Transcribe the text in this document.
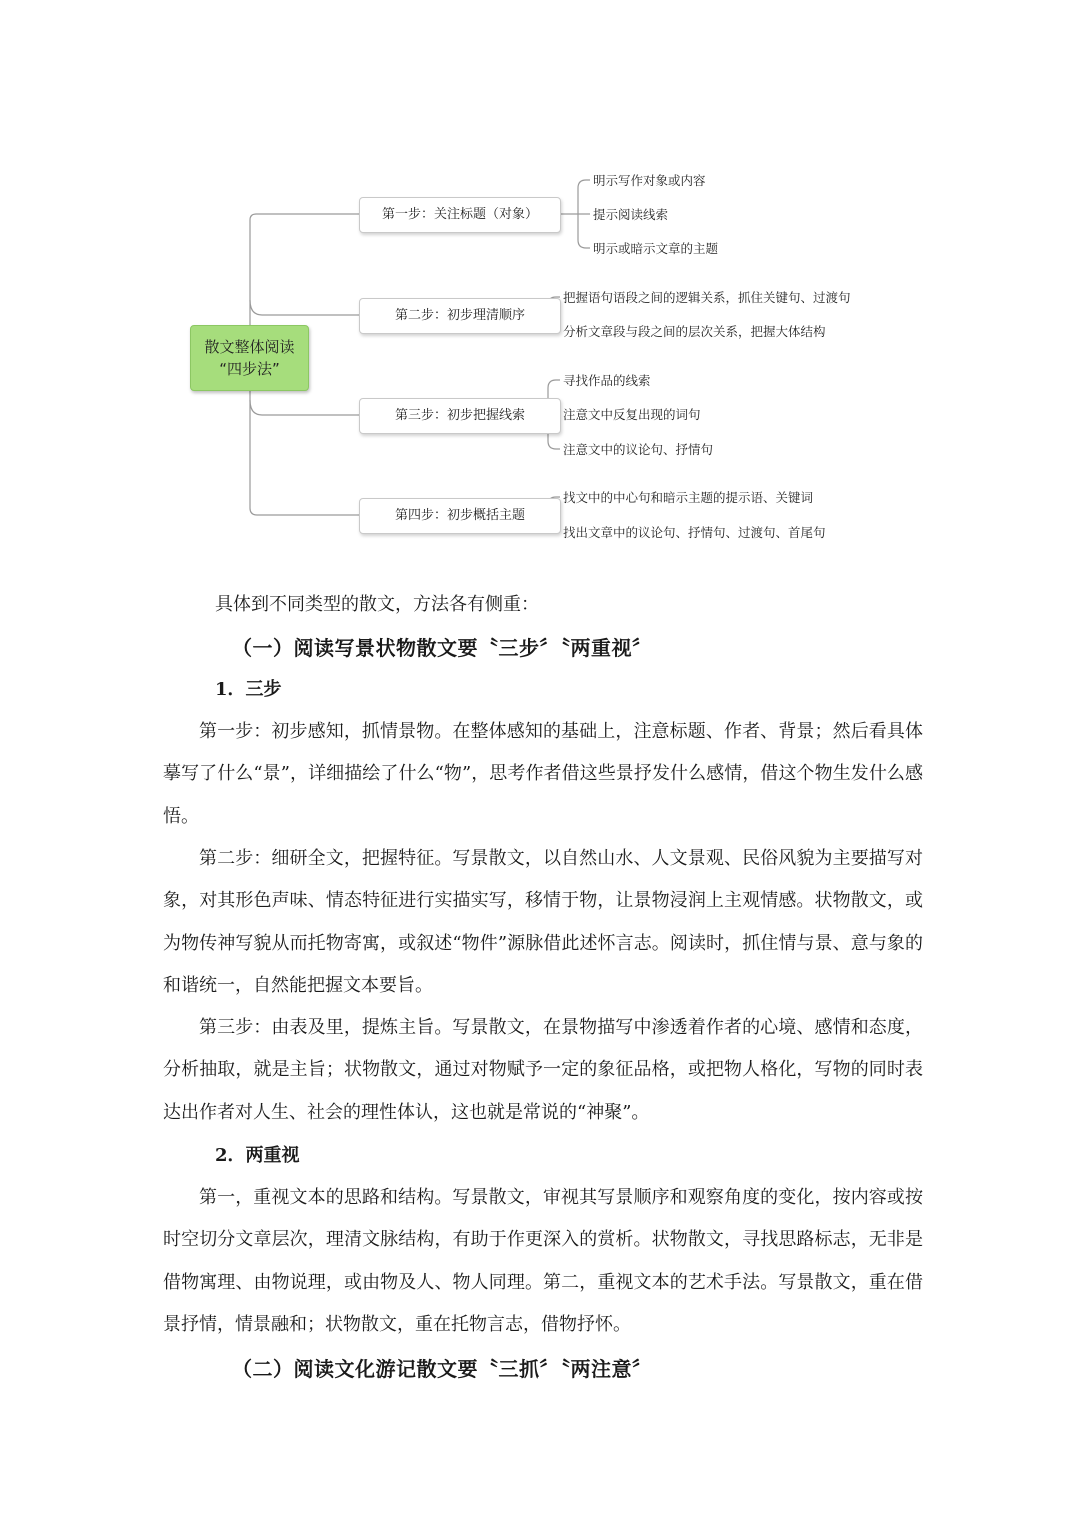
散文整体阅读
“四步法”
第一步：关注标题（对象）
第二步：初步理清顺序
第三步：初步把握线索
第四步：初步概括主题
明示写作对象或内容
提示阅读线索
明示或暗示文章的主题
把握语句语段之间的逻辑关系，抓住关键句、过渡句
分析文章段与段之间的层次关系，把握大体结构
寻找作品的线索
注意文中反复出现的词句
注意文中的议论句、抒情句
找文中的中心句和暗示主题的提示语、关键词
找出文章中的议论句、抒情句、过渡句、首尾句
具体到不同类型的散文，方法各有侧重：
（一）阅读写景状物散文要〝三步〞〝两重视〞
1．三步

第一步：初步感知，抓情景物。在整体感知的基础上，注意标题、作者、背景；然后看具体摹写了什么“景”，详细描绘了什么“物”，思考作者借这些景抒发什么感情，借这个物生发什么感悟。

第二步：细研全文，把握特征。写景散文，以自然山水、人文景观、民俗风貌为主要描写对象，对其形色声味、情态特征进行实描实写，移情于物，让景物浸润上主观情感。状物散文，或为物传神写貌从而托物寄寓，或叙述“物件”源脉借此述怀言志。阅读时，抓住情与景、意与象的和谐统一，自然能把握文本要旨。

第三步：由表及里，提炼主旨。写景散文，在景物描写中渗透着作者的心境、感情和态度，分析抽取，就是主旨；状物散文，通过对物赋予一定的象征品格，或把物人格化，写物的同时表达出作者对人生、社会的理性体认，这也就是常说的“神聚”。

2．两重视

第一，重视文本的思路和结构。写景散文，审视其写景顺序和观察角度的变化，按内容或按时空切分文章层次，理清文脉结构，有助于作更深入的赏析。状物散文，寻找思路标志，无非是借物寓理、由物说理，或由物及人、物人同理。第二，重视文本的艺术手法。写景散文，重在借景抒情，情景融和；状物散文，重在托物言志，借物抒怀。

（二）阅读文化游记散文要〝三抓〞〝两注意〞
